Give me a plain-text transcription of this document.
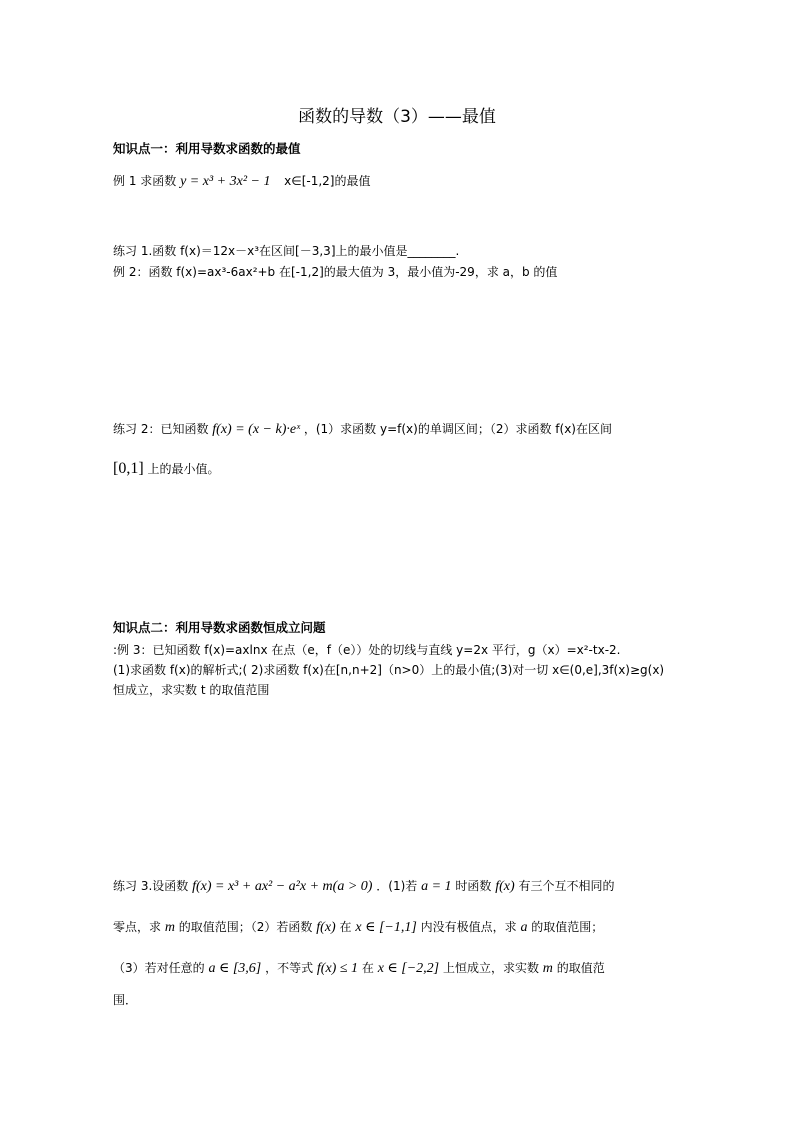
函数的导数（3）——最值
知识点一：利用导数求函数的最值
例 1 求函数 y = x³ + 3x² − 1 x∈[-1,2]的最值
练习 1.函数 f(x)＝12x－x³在区间[－3,3]上的最小值是________.
例 2：函数 f(x)=ax³-6ax²+b 在[-1,2]的最大值为 3，最小值为-29，求 a，b 的值
练习 2：已知函数 f(x) = (x − k)·eˣ ，(1）求函数 y=f(x)的单调区间；（2）求函数 f(x)在区间
[0,1] 上的最小值。
知识点二：利用导数求函数恒成立问题
:例 3：已知函数 f(x)=axlnx 在点（e，f（e））处的切线与直线 y=2x 平行，g（x）=x²-tx-2.
(1)求函数 f(x)的解析式;( 2)求函数 f(x)在[n,n+2]（n>0）上的最小值;(3)对一切 x∈(0,e],3f(x)≥g(x)
恒成立，求实数 t 的取值范围
练习 3.设函数 f(x) = x³ + ax² − a²x + m(a > 0) ．(1)若 a = 1 时函数 f(x) 有三个互不相同的
零点，求 m 的取值范围；（2）若函数 f(x) 在 x ∈ [−1,1] 内没有极值点，求 a 的取值范围；
（3）若对任意的 a ∈ [3,6] ，不等式 f(x) ≤ 1 在 x ∈ [−2,2] 上恒成立，求实数 m 的取值范
围．
